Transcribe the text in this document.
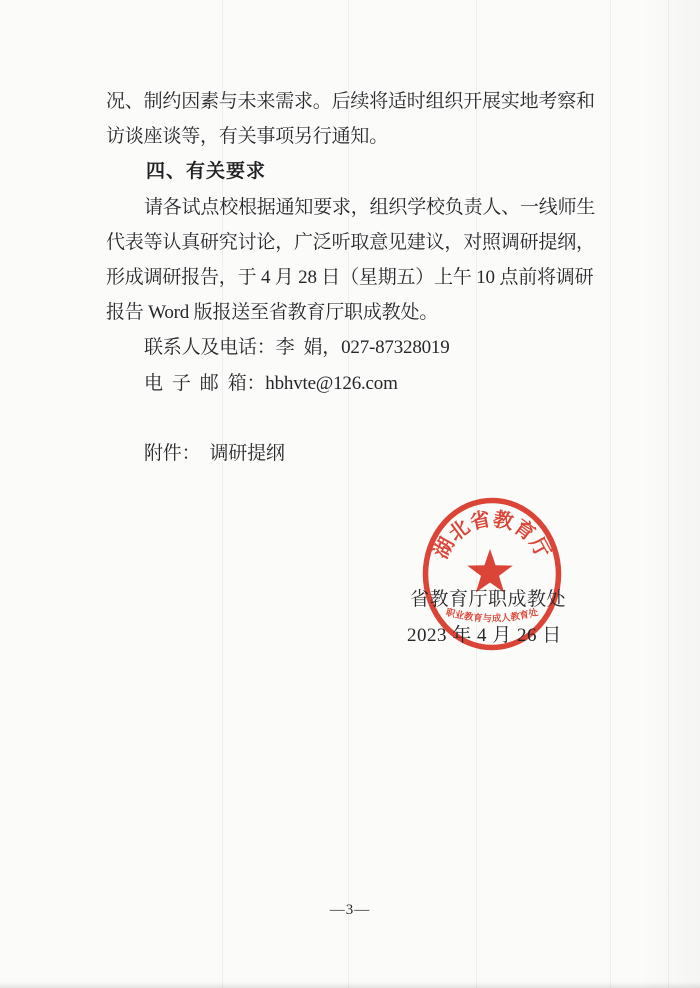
况、制约因素与未来需求。后续将适时组织开展实地考察和
访谈座谈等，有关事项另行通知。
四、有关要求
请各试点校根据通知要求，组织学校负责人、一线师生
代表等认真研究讨论，广泛听取意见建议，对照调研提纲，
形成调研报告，于 4 月 28 日（星期五）上午 10 点前将调研
报告 Word 版报送至省教育厅职成教处。
联系人及电话：李  娟，027-87328019
电  子  邮  箱：hbhvte@126.com
附件：  调研提纲
湖北省教育厅
职业教育与成人教育处
省教育厅职成教处
2023 年 4 月 26 日
—3—
